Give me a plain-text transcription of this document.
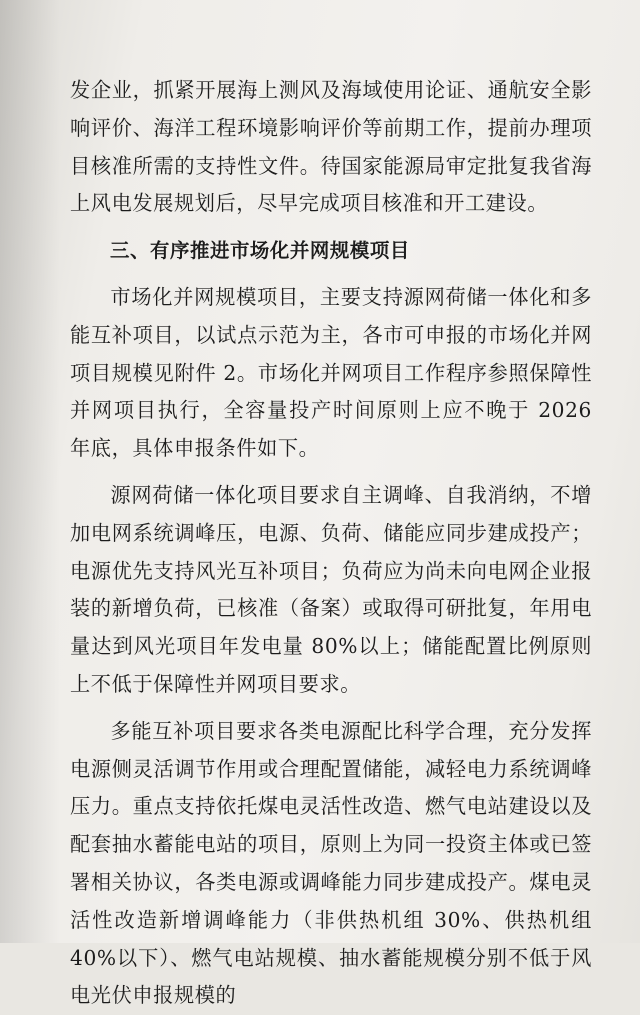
发企业，抓紧开展海上测风及海域使用论证、通航安全影响评价、海洋工程环境影响评价等前期工作，提前办理项目核准所需的支持性文件。待国家能源局审定批复我省海上风电发展规划后，尽早完成项目核准和开工建设。

三、有序推进市场化并网规模项目

市场化并网规模项目，主要支持源网荷储一体化和多能互补项目，以试点示范为主，各市可申报的市场化并网项目规模见附件 2。市场化并网项目工作程序参照保障性并网项目执行，全容量投产时间原则上应不晚于 2026 年底，具体申报条件如下。

源网荷储一体化项目要求自主调峰、自我消纳，不增加电网系统调峰压，电源、负荷、储能应同步建成投产；电源优先支持风光互补项目；负荷应为尚未向电网企业报装的新增负荷，已核准（备案）或取得可研批复，年用电量达到风光项目年发电量 80%以上；储能配置比例原则上不低于保障性并网项目要求。

多能互补项目要求各类电源配比科学合理，充分发挥电源侧灵活调节作用或合理配置储能，减轻电力系统调峰压力。重点支持依托煤电灵活性改造、燃气电站建设以及配套抽水蓄能电站的项目，原则上为同一投资主体或已签署相关协议，各类电源或调峰能力同步建成投产。煤电灵活性改造新增调峰能力（非供热机组 30%、供热机组 40%以下）、燃气电站规模、抽水蓄能规模分别不低于风电光伏申报规模的
